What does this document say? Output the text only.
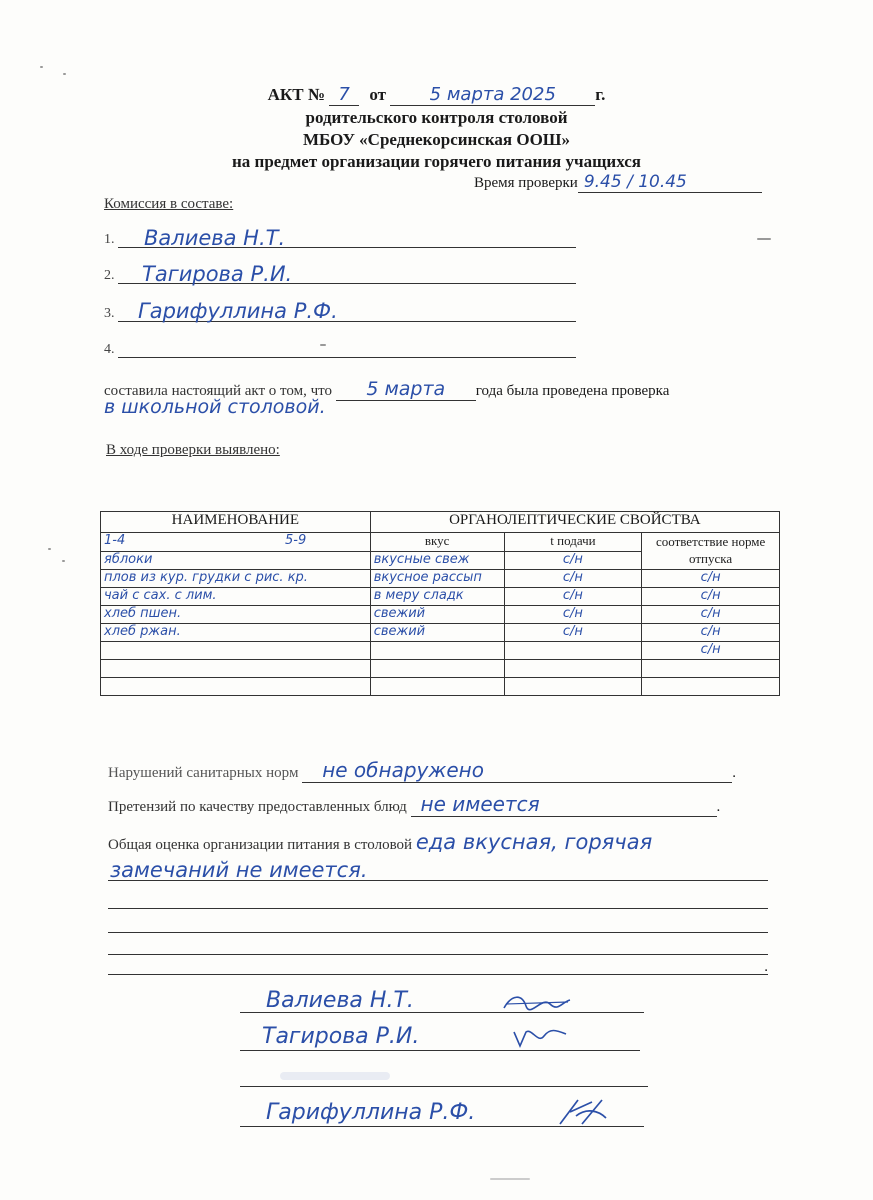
АКТ № 7 от 5 марта 2025 г.
родительского контроля столовой
МБОУ «Среднекорсинская ООШ»
на предмет организации горячего питания учащихся
Время проверки 9.45 / 10.45
Комиссия в составе:
1. Валиева Н.Т.
2. Тагирова Р.И.
3. Гарифуллина Р.Ф.
4.
составила настоящий акт о том, что 5 марта года была проведена проверка
в школьной столовой.
В ходе проверки выявлено:
НАИМЕНОВАНИЕ	ОРГАНОЛЕПТИЧЕСКИЕ СВОЙСТВА		
1-4 5-9	вкус	t подачи	соответствие норме отпуска
яблоки	вкусные свеж	с/н	
плов из кур. грудки с рис. кр.	вкусное рассып	с/н	с/н
чай с сах. с лим.	в меру сладк	с/н	с/н
хлеб пшен.	свежий	с/н	с/н
хлеб ржан.	свежий	с/н	с/н
			с/н

Нарушений санитарных норм не обнаружено	.
Претензий по качеству предоставленных блюд не имеется	.
Общая оценка организации питания в столовой еда вкусная, горячая
замечаний не имеется.
.
Валиева Н.Т.
Тагирова Р.И.
Гарифуллина Р.Ф.
